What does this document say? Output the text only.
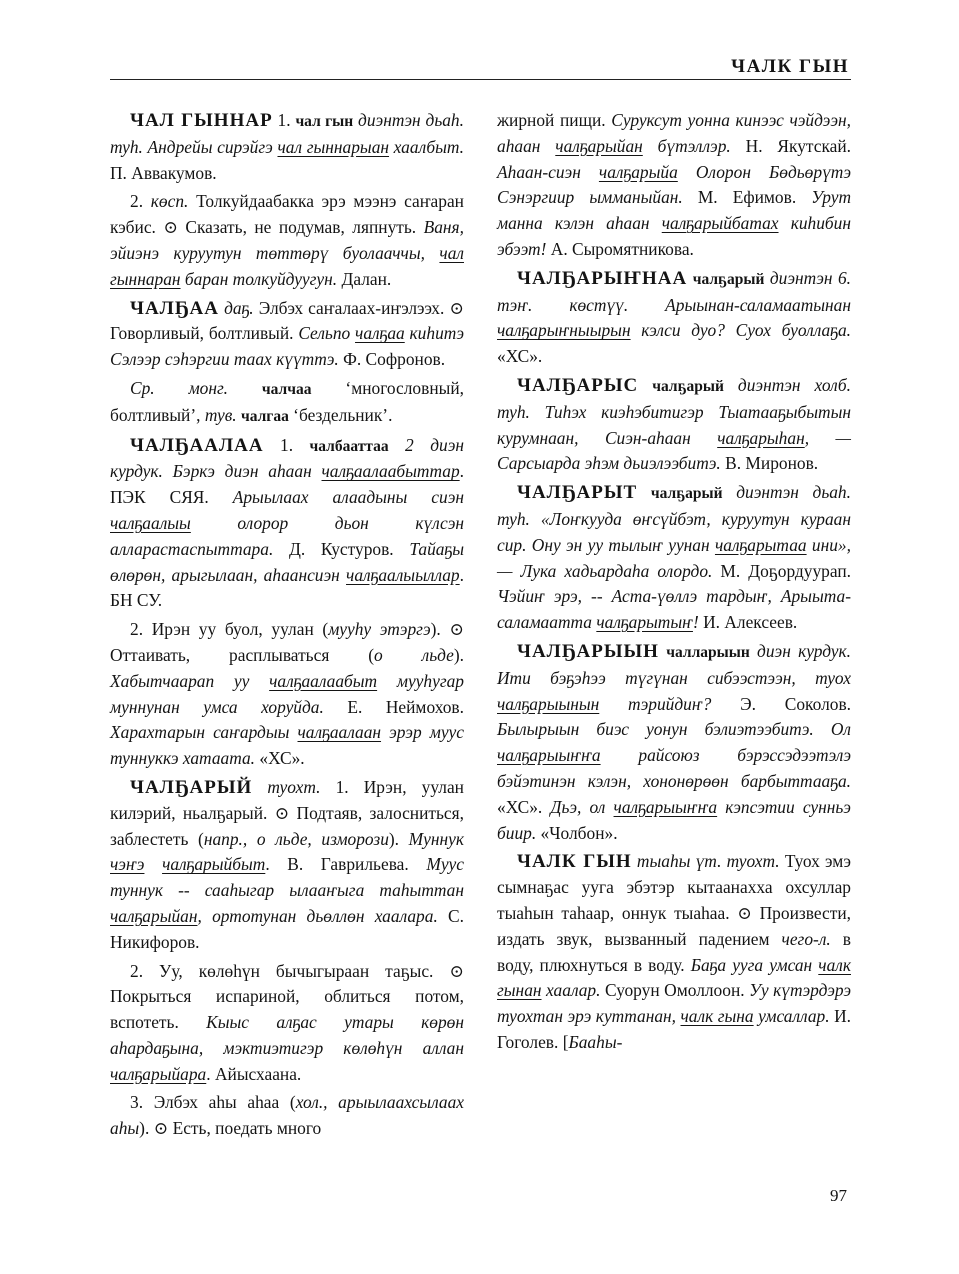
ЧАЛК ГЫН

ЧАЛ ГЫННАР 1. чал гын диэнтэн дьаһ. туһ. Андрейы сирэйгэ чал гыннарыан хаалбыт. П. Аввакумов.

2. көсп. Толкуйдаабакка эрэ мээнэ саҥаран кэбис. ⊙ Сказать, не подумав, ляпнуть. Ваня, эйиэнэ куруутун төттөрү буолааччы, чал гыннаран баран толкуйдуугун. Далан.

ЧАЛҔАА даҕ. Элбэх саҥалаах-иҥэлээх. ⊙ Говорливый, болтливый. Сельпо чалҕаа киһитэ Сэлээр сэһэргии таах күүттэ. Ф. Софронов.

Ср. монг. чалчаа ‘многословный, болтливый’, тув. чалгаа ‘бездельник’.

ЧАЛҔААЛАА 1. чалбааттаа 2 диэн курдук. Бэркэ диэн аһаан чалҕаалаабыттар. ПЭК СЯЯ. Арыылаах алаадыны сиэн чалҕаалыы олорор дьон күлсэн алларастаспыттара. Д. Кустуров. Тайаҕы өлөрөн, арыгылаан, аһаансиэн чалҕаалыыллар. БН СУ.

2. Ирэн уу буол, уулан (мууһу этэргэ). ⊙ Оттаивать, расплываться (о льде). Хабытчаарап уу чалҕаалаабыт мууһугар муннунан умса хоруйда. Е. Неймохов. Харахтарын саҥардыы чалҕаалаан эрэр муус туннуккэ хатаата. «ХС».

ЧАЛҔАРЫЙ туохт. 1. Ирэн, уулан килэрий, ньалҕарый. ⊙ Подтаяв, залосниться, заблестеть (напр., о льде, изморози). Муннук чэҥэ чалҕарыйбыт. В. Гаврильева. Муус туннук -- сааһыгар ылааҥыга таһыттан чалҕарыйан, ортотунан дьөллөн хаалара. С. Никифоров.

2. Уу, көлөһүн бычыгыраан таҕыс. ⊙ Покрыться испариной, облиться потом, вспотеть. Кыыс алҕас утары көрөн аһардаҕына, мэктиэтигэр көлөһүн аллан чалҕарыйара. Айысхаана.

3. Элбэх аһы аһаа (хол., арыылаахсылаах аһы). ⊙ Есть, поедать много

жирной пищи. Суруксут уонна кинээс чэйдээн, аһаан чалҕарыйан бүтэллэр. Н. Якутскай. Аһаан-сиэн чалҕарыйа Олорон Бөдьөрүтэ Сэнэргиир ымманыйан. М. Ефимов. Урут манна кэлэн аһаан чалҕарыйбатах киһибин эбээт! А. Сыромятникова.

ЧАЛҔАРЫҤНАА чалҕарый диэнтэн 6. тэҥ. көстүү. Арыынан-саламаатынан чалҕарыҥныырын кэлси дуо? Суох буоллаҕа. «ХС».

ЧАЛҔАРЫС чалҕарый диэнтэн холб. туһ. Тиһэх киэһэбитигэр Тыатааҕыбытын курумнаан, Сиэн-аһаан чалҕарыһан, — Сарсыарда эһэм дьиэлээбитэ. В. Миронов.

ЧАЛҔАРЫТ чалҕарый диэнтэн дьаһ. туһ. «Лоҥкууда өҥсүйбэт, куруутун кураан сир. Ону эн уу тылыҥ уунан чалҕарытаа ини», — Лука хадьардаһа олордо. М. Доҕордуурап. Чэйиҥ эрэ, -- Аста-үөллэ тардыҥ, Арыыта-саламаатта чалҕарытыҥ! И. Алексеев.

ЧАЛҔАРЫЫН чалларыын диэн курдук. Ити бэҕэһээ түгүнан сибээстээн, туох чалҕарыынын тэрийдиҥ? Э. Соколов. Былырыын биэс уонун бэлиэтээбитэ. Ол чалҕарыыҥҥа райсоюз бэрэссэдээтэлэ бэйэтинэн кэлэн, хононөрөөн барбыттааҕа. «ХС». Дьэ, ол чалҕарыыҥҥа кэпсэтии сунньэ биир. «Чолбон».

ЧАЛК ГЫН тыаһы үт. туохт. Туох эмэ сымнаҕас ууга эбэтэр кытаанахха охсуллар тыаһын таһаар, оннук тыаһаа. ⊙ Произвести, издать звук, вызванный падением чего-л. в воду, плюхнуться в воду. Баҕа ууга умсан чалк гынан хаалар. Суорун Омоллоон. Уу күтэрдэрэ туохтан эрэ куттанан, чалк гына умсаллар. И. Гоголев. [Бааһы-

97
